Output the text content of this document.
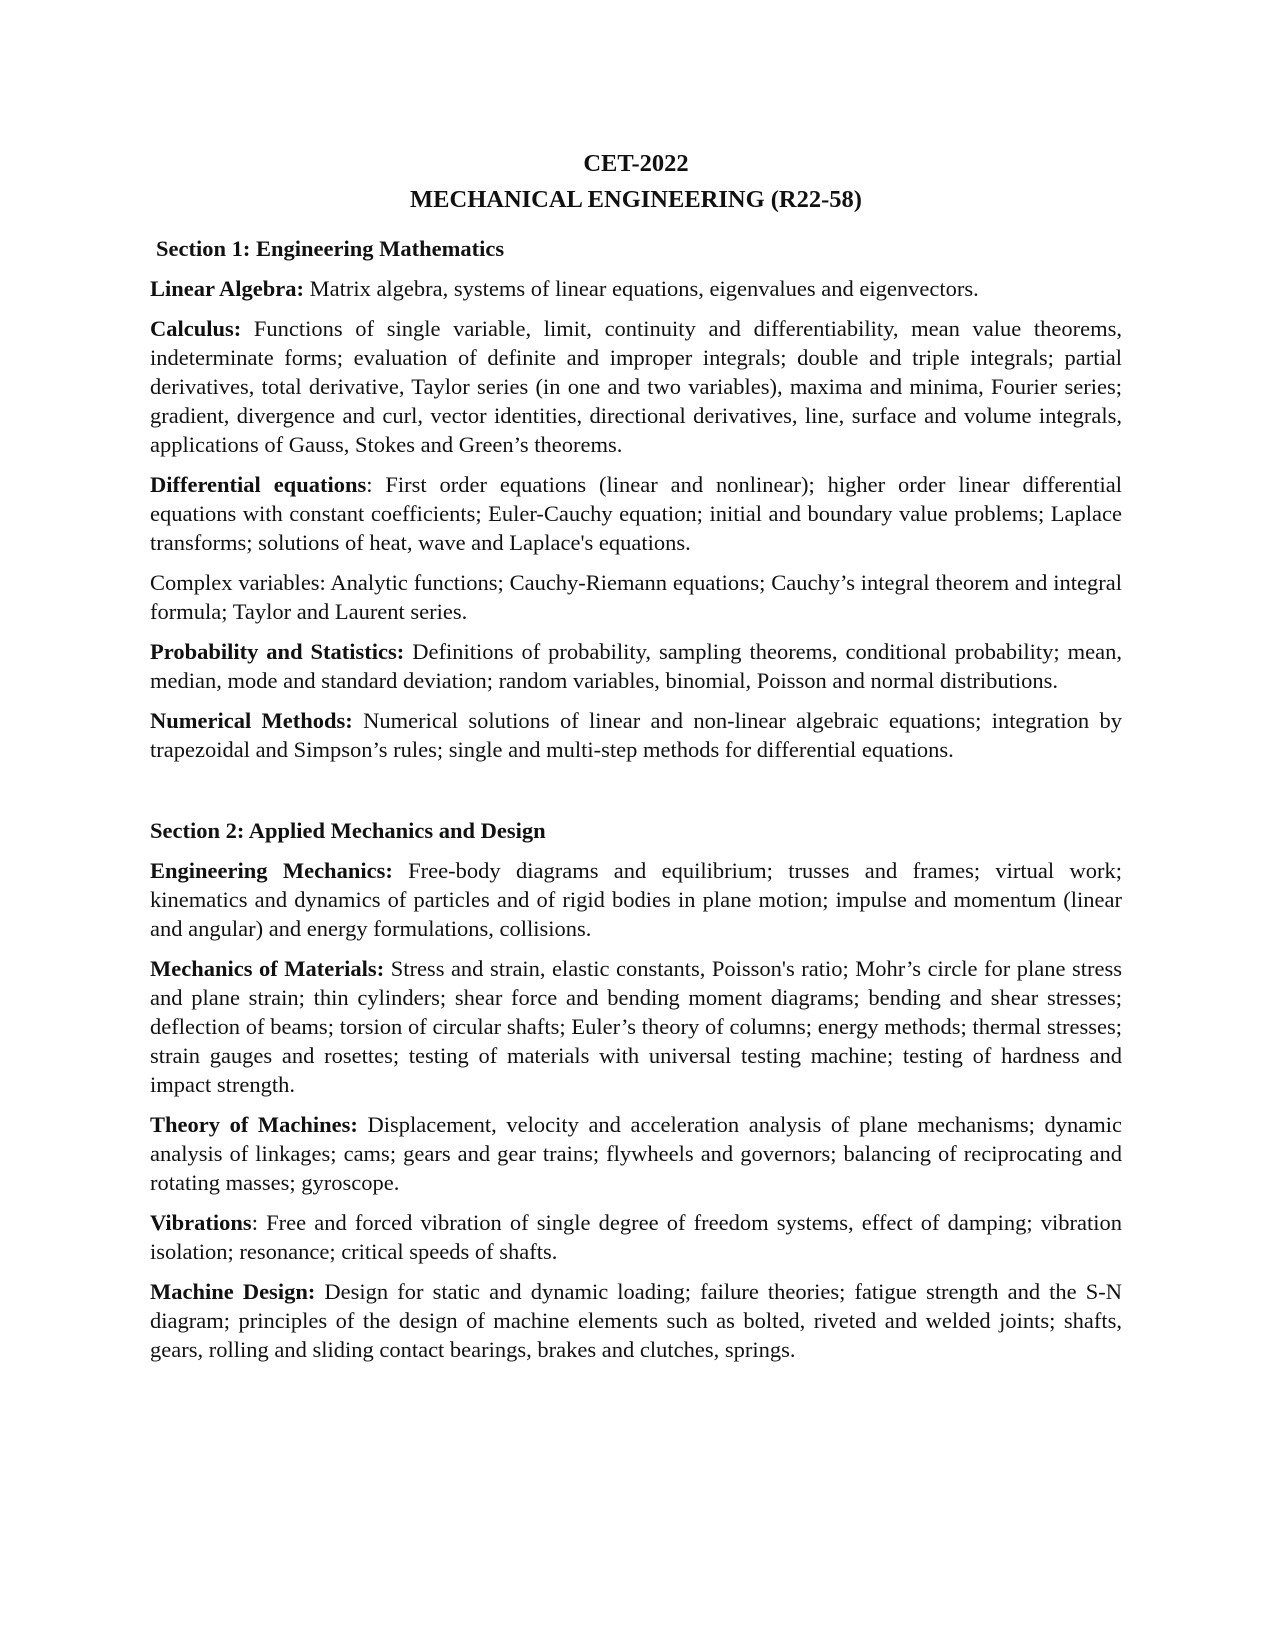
CET-2022
MECHANICAL ENGINEERING (R22-58)
Section 1: Engineering Mathematics

Linear Algebra: Matrix algebra, systems of linear equations, eigenvalues and eigenvectors.

Calculus: Functions of single variable, limit, continuity and differentiability, mean value theorems, indeterminate forms; evaluation of definite and improper integrals; double and triple integrals; partial derivatives, total derivative, Taylor series (in one and two variables), maxima and minima, Fourier series; gradient, divergence and curl, vector identities, directional derivatives, line, surface and volume integrals, applications of Gauss, Stokes and Green’s theorems.

Differential equations: First order equations (linear and nonlinear); higher order linear differential equations with constant coefficients; Euler-Cauchy equation; initial and boundary value problems; Laplace transforms; solutions of heat, wave and Laplace's equations.

Complex variables: Analytic functions; Cauchy-Riemann equations; Cauchy’s integral theorem and integral formula; Taylor and Laurent series.

Probability and Statistics: Definitions of probability, sampling theorems, conditional probability; mean, median, mode and standard deviation; random variables, binomial, Poisson and normal distributions.

Numerical Methods: Numerical solutions of linear and non-linear algebraic equations; integration by trapezoidal and Simpson’s rules; single and multi-step methods for differential equations.

Section 2: Applied Mechanics and Design

Engineering Mechanics: Free-body diagrams and equilibrium; trusses and frames; virtual work; kinematics and dynamics of particles and of rigid bodies in plane motion; impulse and momentum (linear and angular) and energy formulations, collisions.

Mechanics of Materials: Stress and strain, elastic constants, Poisson's ratio; Mohr’s circle for plane stress and plane strain; thin cylinders; shear force and bending moment diagrams; bending and shear stresses; deflection of beams; torsion of circular shafts; Euler’s theory of columns; energy methods; thermal stresses; strain gauges and rosettes; testing of materials with universal testing machine; testing of hardness and impact strength.

Theory of Machines: Displacement, velocity and acceleration analysis of plane mechanisms; dynamic analysis of linkages; cams; gears and gear trains; flywheels and governors; balancing of reciprocating and rotating masses; gyroscope.

Vibrations: Free and forced vibration of single degree of freedom systems, effect of damping; vibration isolation; resonance; critical speeds of shafts.

Machine Design: Design for static and dynamic loading; failure theories; fatigue strength and the S-N diagram; principles of the design of machine elements such as bolted, riveted and welded joints; shafts, gears, rolling and sliding contact bearings, brakes and clutches, springs.
